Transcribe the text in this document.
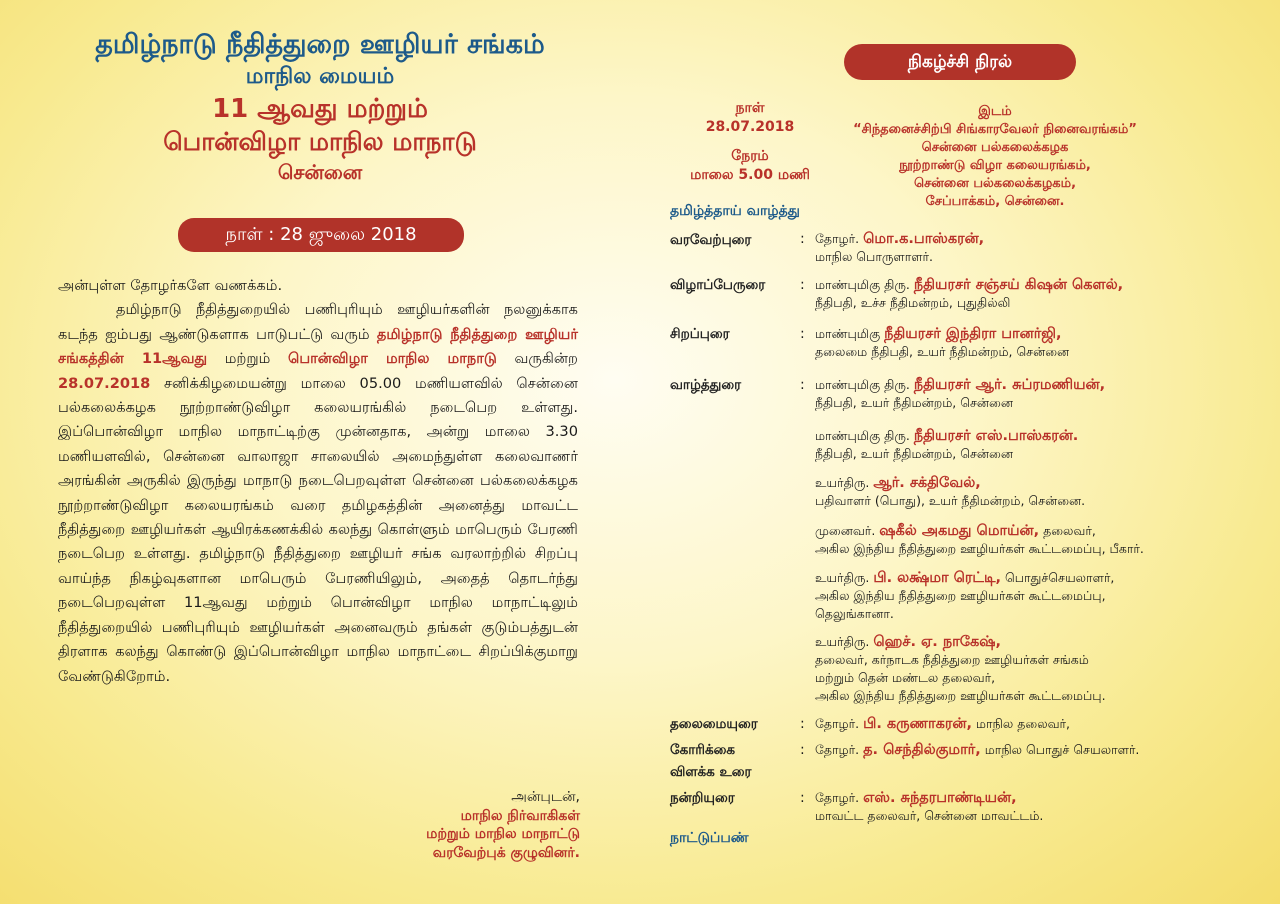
தமிழ்நாடு நீதித்துறை ஊழியர் சங்கம்

மாநில மையம்

11 ஆவது மற்றும்

பொன்விழா மாநில மாநாடு

சென்னை

நாள் : 28 ஜுலை 2018

அன்புள்ள தோழர்களே வணக்கம்.

தமிழ்நாடு நீதித்துறையில் பணிபுரியும் ஊழியர்களின் நலனுக்காக கடந்த ஐம்பது ஆண்டுகளாக பாடுபட்டு வரும் தமிழ்நாடு நீதித்துறை ஊழியர் சங்கத்தின் 11ஆவது மற்றும் பொன்விழா மாநில மாநாடு வருகின்ற 28.07.2018 சனிக்கிழமையன்று மாலை 05.00 மணியளவில் சென்னை பல்கலைக்கழக நூற்றாண்டுவிழா கலையரங்கில் நடைபெற உள்ளது. இப்பொன்விழா மாநில மாநாட்டிற்கு முன்னதாக, அன்று மாலை 3.30 மணியளவில், சென்னை வாலாஜா சாலையில் அமைந்துள்ள கலைவாணர் அரங்கின் அருகில் இருந்து மாநாடு நடைபெறவுள்ள சென்னை பல்கலைக்கழக நூற்றாண்டுவிழா கலையரங்கம் வரை தமிழகத்தின் அனைத்து மாவட்ட நீதித்துறை ஊழியர்கள் ஆயிரக்கணக்கில் கலந்து கொள்ளும் மாபெரும் பேரணி நடைபெற உள்ளது. தமிழ்நாடு நீதித்துறை ஊழியர் சங்க வரலாற்றில் சிறப்பு வாய்ந்த நிகழ்வுகளான மாபெரும் பேரணியிலும், அதைத் தொடர்ந்து நடைபெறவுள்ள 11ஆவது மற்றும் பொன்விழா மாநில மாநாட்டிலும் நீதித்துறையில் பணிபுரியும் ஊழியர்கள் அனைவரும் தங்கள் குடும்பத்துடன் திரளாக கலந்து கொண்டு இப்பொன்விழா மாநில மாநாட்டை சிறப்பிக்குமாறு வேண்டுகிறோம்.

அன்புடன்,
மாநில நிர்வாகிகள்
மற்றும் மாநில மாநாட்டு
வரவேற்புக் குழுவினர்.
நிகழ்ச்சி நிரல்
நாள்
28.07.2018
நேரம்
மாலை 5.00 மணி
இடம்
“சிந்தனைச்சிற்பி சிங்காரவேலர் நினைவரங்கம்”
சென்னை பல்கலைக்கழக
நூற்றாண்டு விழா கலையரங்கம்,
சென்னை பல்கலைக்கழகம்,
சேப்பாக்கம், சென்னை.
தமிழ்த்தாய் வாழ்த்து
வரவேற்புரை	: தோழர். மொ.க.பாஸ்கரன்,
மாநில பொருளாளர்.
விழாப்பேருரை : மாண்புமிகு திரு. நீதியரசர் சஞ்சய் கிஷன் கௌல்,
நீதிபதி, உச்ச நீதிமன்றம், புதுதில்லி
சிறப்புரை	: மாண்புமிகு நீதியரசர் இந்திரா பானர்ஜி,
தலைமை நீதிபதி, உயர் நீதிமன்றம், சென்னை
வாழ்த்துரை	: மாண்புமிகு திரு. நீதியரசர் ஆர். சுப்ரமணியன்,
நீதிபதி, உயர் நீதிமன்றம், சென்னை
மாண்புமிகு திரு. நீதியரசர் எஸ்.பாஸ்கரன்.
நீதிபதி, உயர் நீதிமன்றம், சென்னை
உயர்திரு. ஆர். சக்திவேல்,
பதிவாளர் (பொது), உயர் நீதிமன்றம், சென்னை.
முனைவர். ஷகீல் அகமது மொய்ன், தலைவர்,
அகில இந்திய நீதித்துறை ஊழியர்கள் கூட்டமைப்பு, பீகார்.
உயர்திரு. பி. லக்ஷ்மா ரெட்டி, பொதுச்செயலாளர்,
அகில இந்திய நீதித்துறை ஊழியர்கள் கூட்டமைப்பு,
தெலுங்கானா.
உயர்திரு. ஹெச். ஏ. நாகேஷ்,
தலைவர், கர்நாடக நீதித்துறை ஊழியர்கள் சங்கம்
மற்றும் தென் மண்டல தலைவர்,
அகில இந்திய நீதித்துறை ஊழியர்கள் கூட்டமைப்பு.
தலைமையுரை	: தோழர். பி. கருணாகரன், மாநில தலைவர்,
கோரிக்கை
விளக்க உரை
: தோழர். த. செந்தில்குமார், மாநில பொதுச் செயலாளர்.
நன்றியுரை	: தோழர். எஸ். சுந்தரபாண்டியன்,
மாவட்ட தலைவர், சென்னை மாவட்டம்.
நாட்டுப்பண்
